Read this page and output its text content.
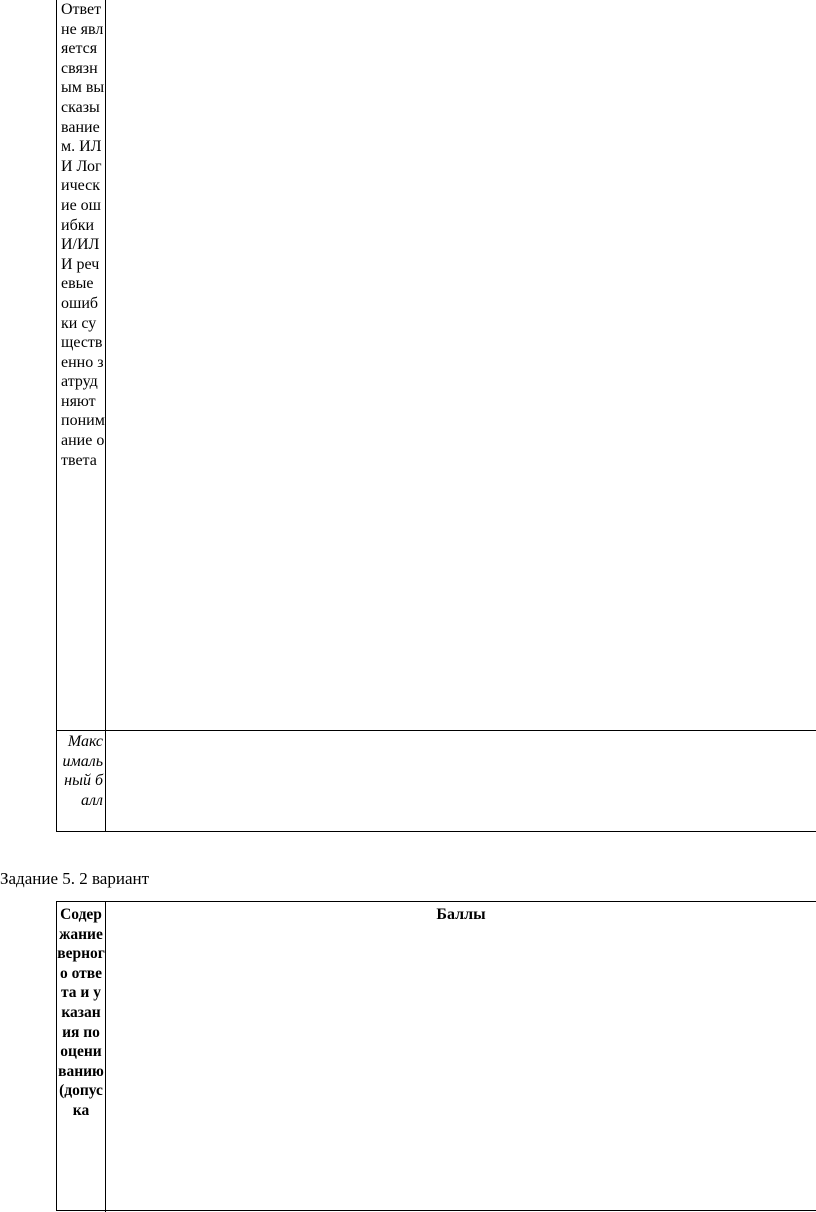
Ответ не является связным высказыванием. ИЛИ Логические ошибки И/ИЛИ речевые ошибки существенно затрудняют понимание ответа
Максимальный балл
Задание 5. 2 вариант
Содержание верного ответа и указания по оцениванию (допуска
Баллы
